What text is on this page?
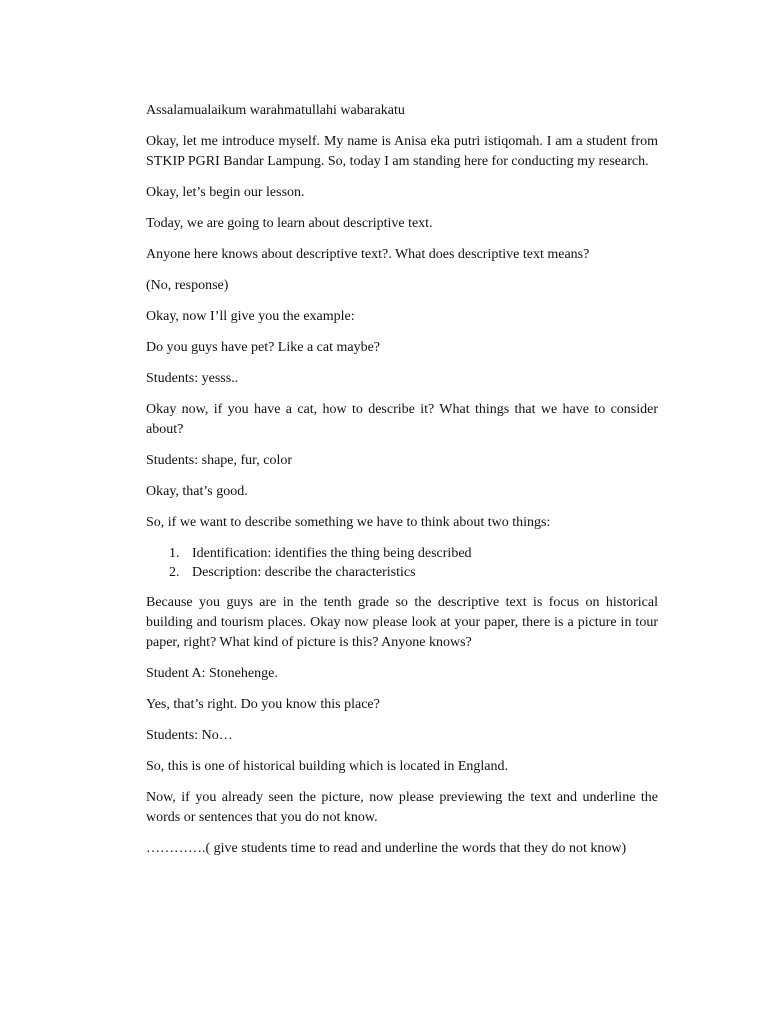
Assalamualaikum warahmatullahi wabarakatu

Okay, let me introduce myself. My name is Anisa eka putri istiqomah. I am a student from STKIP PGRI Bandar Lampung. So, today I am standing here for conducting my research.

Okay, let’s begin our lesson.

Today, we are going to learn about descriptive text.

Anyone here knows about descriptive text?. What does descriptive text means?

(No, response)

Okay, now I’ll give you the example:

Do you guys have pet? Like a cat maybe?

Students: yesss..

Okay now, if you have a cat, how to describe it? What things that we have to consider about?

Students: shape, fur, color

Okay, that’s good.

So, if we want to describe something we have to think about two things:

1. Identification: identifies the thing being described
2. Description: describe the characteristics

Because you guys are in the tenth grade so the descriptive text is focus on historical building and tourism places. Okay now please look at your paper, there is a picture in tour paper, right? What kind of picture is this? Anyone knows?

Student A: Stonehenge.

Yes, that’s right. Do you know this place?

Students: No…

So, this is one of historical building which is located in England.

Now, if you already seen the picture, now please previewing the text and underline the words or sentences that you do not know.

………….( give students time to read and underline the words that they do not know)
